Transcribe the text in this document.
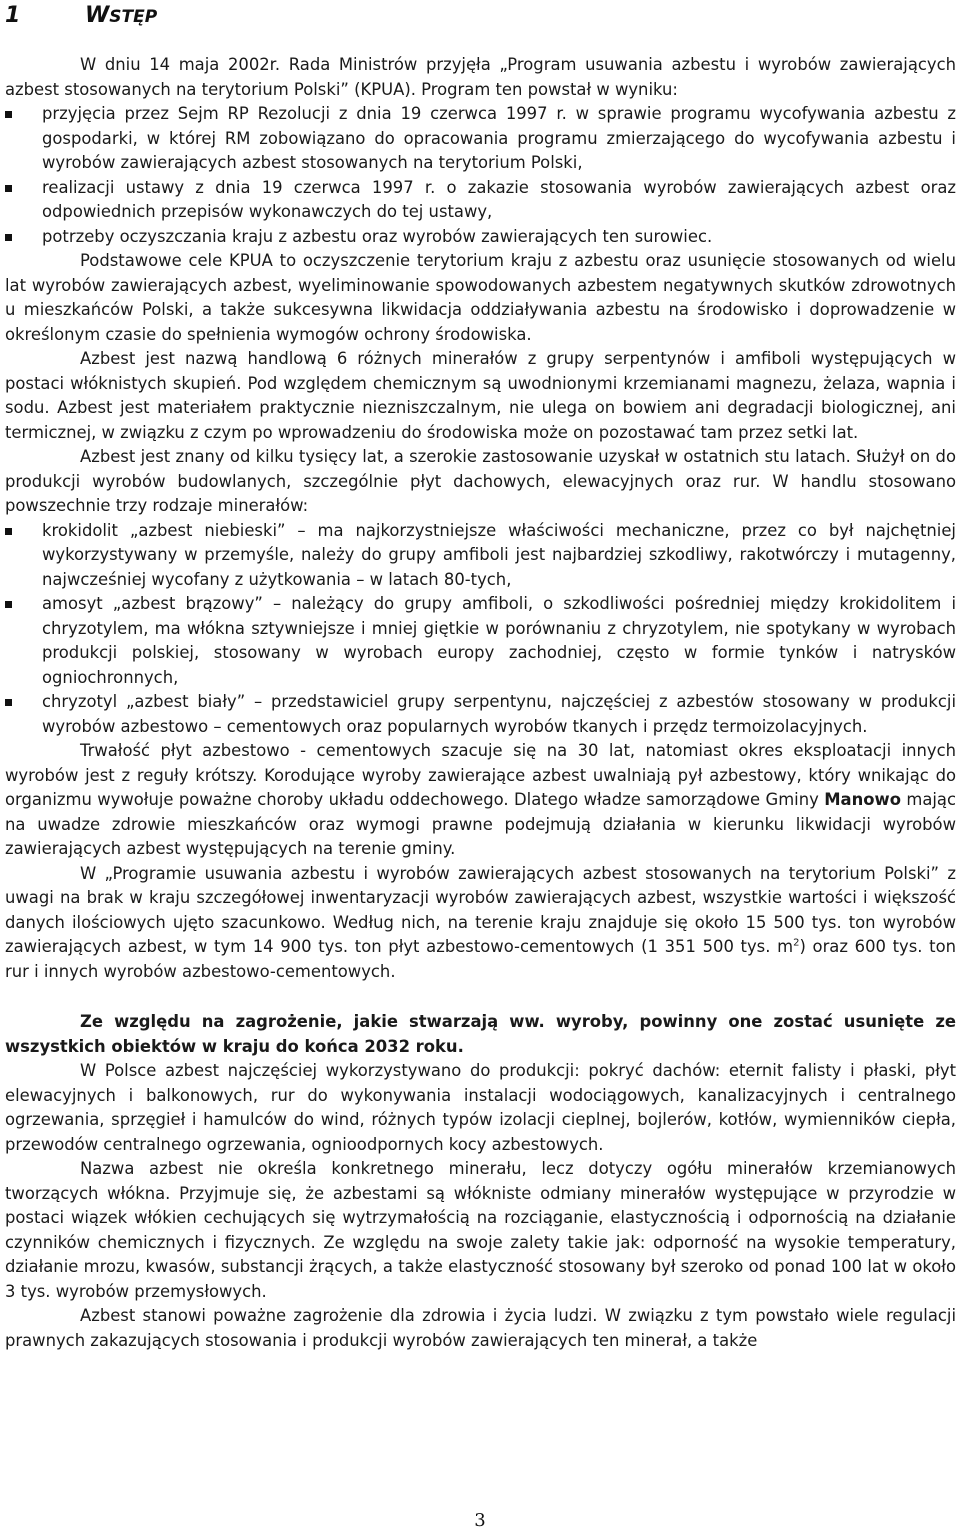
1	WSTĘP

W dniu 14 maja 2002r. Rada Ministrów przyjęła „Program usuwania azbestu i wyrobów zawierających azbest stosowanych na terytorium Polski” (KPUA). Program ten powstał w wyniku:

przyjęcia przez Sejm RP Rezolucji z dnia 19 czerwca 1997 r. w sprawie programu wycofywania azbestu z gospodarki, w której RM zobowiązano do opracowania programu zmierzającego do wycofywania azbestu i wyrobów zawierających azbest stosowanych na terytorium Polski,
realizacji ustawy z dnia 19 czerwca 1997 r. o zakazie stosowania wyrobów zawierających azbest oraz odpowiednich przepisów wykonawczych do tej ustawy,
potrzeby oczyszczania kraju z azbestu oraz wyrobów zawierających ten surowiec.

Podstawowe cele KPUA to oczyszczenie terytorium kraju z azbestu oraz usunięcie stosowanych od wielu lat wyrobów zawierających azbest, wyeliminowanie spowodowanych azbestem negatywnych skutków zdrowotnych u mieszkańców Polski, a także sukcesywna likwidacja oddziaływania azbestu na środowisko i doprowadzenie w określonym czasie do spełnienia wymogów ochrony środowiska.

Azbest jest nazwą handlową 6 różnych minerałów z grupy serpentynów i amfiboli występujących w postaci włóknistych skupień. Pod względem chemicznym są uwodnionymi krzemianami magnezu, żelaza, wapnia i sodu. Azbest jest materiałem praktycznie niezniszczalnym, nie ulega on bowiem ani degradacji biologicznej, ani termicznej, w związku z czym po wprowadzeniu do środowiska może on pozostawać tam przez setki lat.

Azbest jest znany od kilku tysięcy lat, a szerokie zastosowanie uzyskał w ostatnich stu latach. Służył on do produkcji wyrobów budowlanych, szczególnie płyt dachowych, elewacyjnych oraz rur. W handlu stosowano powszechnie trzy rodzaje minerałów:

krokidolit „azbest niebieski” – ma najkorzystniejsze właściwości mechaniczne, przez co był najchętniej wykorzystywany w przemyśle, należy do grupy amfiboli jest najbardziej szkodliwy, rakotwórczy i mutagenny, najwcześniej wycofany z użytkowania – w latach 80-tych,
amosyt „azbest brązowy” – należący do grupy amfiboli, o szkodliwości pośredniej między krokidolitem i chryzotylem, ma włókna sztywniejsze i mniej giętkie w porównaniu z chryzotylem, nie spotykany w wyrobach produkcji polskiej, stosowany w wyrobach europy zachodniej, często w formie tynków i natrysków ogniochronnych,
chryzotyl „azbest biały” – przedstawiciel grupy serpentynu, najczęściej z azbestów stosowany w produkcji wyrobów azbestowo – cementowych oraz popularnych wyrobów tkanych i przędz termoizolacyjnych.

Trwałość płyt azbestowo - cementowych szacuje się na 30 lat, natomiast okres eksploatacji innych wyrobów jest z reguły krótszy. Korodujące wyroby zawierające azbest uwalniają pył azbestowy, który wnikając do organizmu wywołuje poważne choroby układu oddechowego. Dlatego władze samorządowe Gminy Manowo mając na uwadze zdrowie mieszkańców oraz wymogi prawne podejmują działania w kierunku likwidacji wyrobów zawierających azbest występujących na terenie gminy.

W „Programie usuwania azbestu i wyrobów zawierających azbest stosowanych na terytorium Polski” z uwagi na brak w kraju szczegółowej inwentaryzacji wyrobów zawierających azbest, wszystkie wartości i większość danych ilościowych ujęto szacunkowo. Według nich, na terenie kraju znajduje się około 15 500 tys. ton wyrobów zawierających azbest, w tym 14 900 tys. ton płyt azbestowo-cementowych (1 351 500 tys. $m^2$) oraz 600 tys. ton rur i innych wyrobów azbestowo-cementowych.

Ze względu na zagrożenie, jakie stwarzają ww. wyroby, powinny one zostać usunięte ze wszystkich obiektów w kraju do końca 2032 roku.

W Polsce azbest najczęściej wykorzystywano do produkcji: pokryć dachów: eternit falisty i płaski, płyt elewacyjnych i balkonowych, rur do wykonywania instalacji wodociągowych, kanalizacyjnych i centralnego ogrzewania, sprzęgieł i hamulców do wind, różnych typów izolacji cieplnej, bojlerów, kotłów, wymienników ciepła, przewodów centralnego ogrzewania, ognioodpornych kocy azbestowych.

Nazwa azbest nie określa konkretnego minerału, lecz dotyczy ogółu minerałów krzemianowych tworzących włókna. Przyjmuje się, że azbestami są włókniste odmiany minerałów występujące w przyrodzie w postaci wiązek włókien cechujących się wytrzymałością na rozciąganie, elastycznością i odpornością na działanie czynników chemicznych i fizycznych. Ze względu na swoje zalety takie jak: odporność na wysokie temperatury, działanie mrozu, kwasów, substancji żrących, a także elastyczność stosowany był szeroko od ponad 100 lat w około 3 tys. wyrobów przemysłowych.

Azbest stanowi poważne zagrożenie dla zdrowia i życia ludzi. W związku z tym powstało wiele regulacji prawnych zakazujących stosowania i produkcji wyrobów zawierających ten minerał, a także

3
